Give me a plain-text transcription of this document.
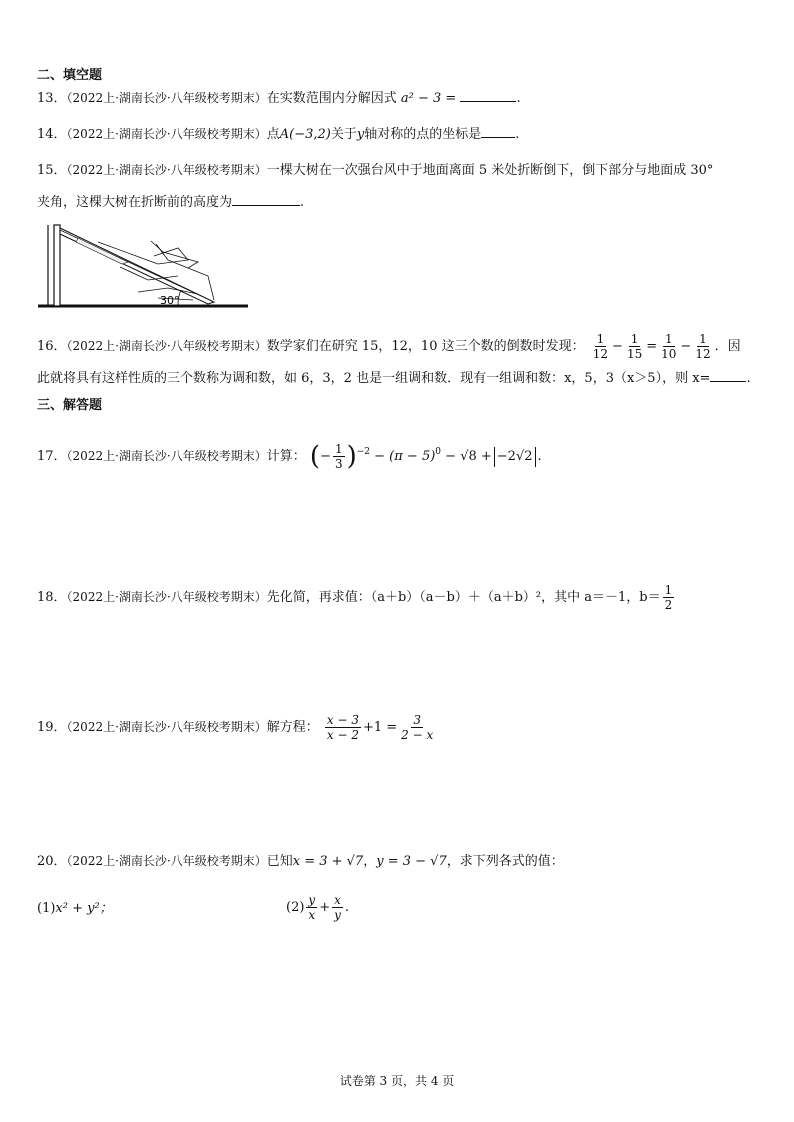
二、填空题
13．（2022上·湖南长沙·八年级校考期末）在实数范围内分解因式 a² − 3 =	.
14．（2022上·湖南长沙·八年级校考期末）点A(−3,2)关于y轴对称的点的坐标是	.
15．（2022上·湖南长沙·八年级校考期末）一棵大树在一次强台风中于地面离面 5 米处折断倒下，倒下部分与地面成 30°
夹角，这棵大树在折断前的高度为	.
30°
16．（2022上·湖南长沙·八年级校考期末）数学家们在研究 15，12，10 这三个数的倒数时发现： $\frac{1}{12} - \frac{1}{15} = \frac{1}{10} - \frac{1}{12}$ ．因
此就将具有这样性质的三个数称为调和数，如 6，3，2 也是一组调和数．现有一组调和数：x，5，3（x＞5），则 x=	.
三、解答题
17．（2022上·湖南长沙·八年级校考期末）计算： (− $\frac{1}{3} )^{-2} - (\pi - 5)^0 - √8 + -2√2$ .
18．（2022上·湖南长沙·八年级校考期末）先化简，再求值：（a＋b）（a－b）＋（a＋b）²，其中 a＝－1，$b= \frac{1}{2}$
19．（2022上·湖南长沙·八年级校考期末）解方程： $\frac{x - 3}{x - 2} +1 = \frac{3}{2 - x}$
20．（2022上·湖南长沙·八年级校考期末）已知x = 3 + √7，y = 3 − √7，求下列各式的值：
(1)x² + y²；	$(2) \frac{y}{x} + \frac{x}{y}$ .
试卷第 3 页，共 4 页
